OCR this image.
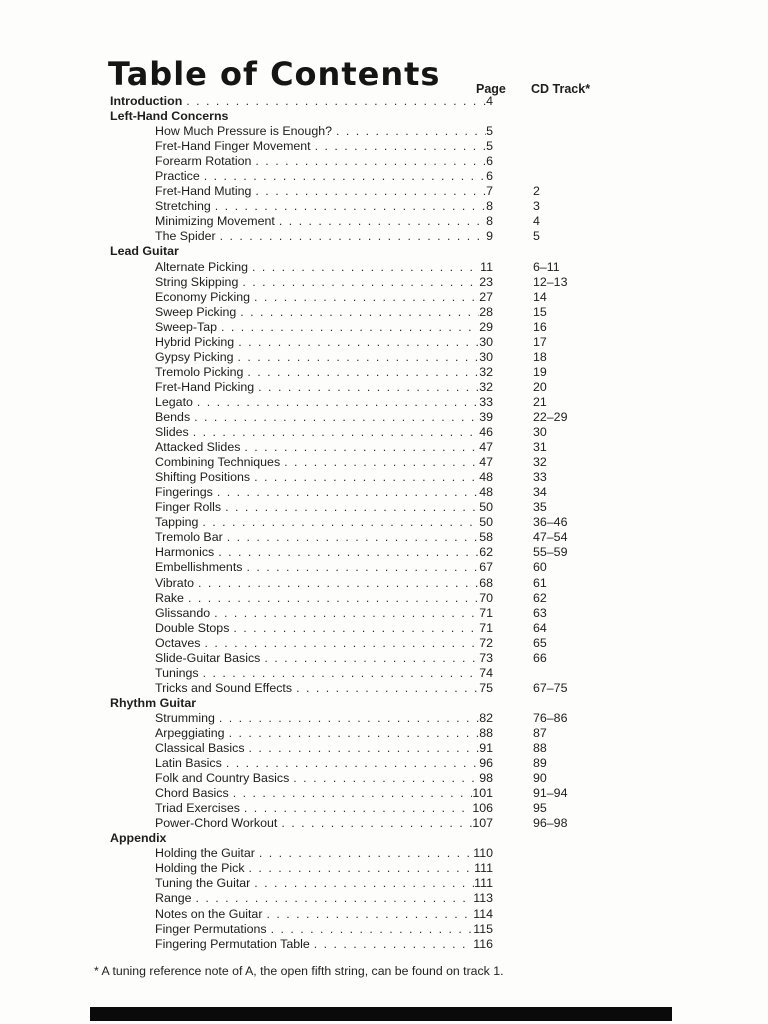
Table of Contents	Page CD Track*
Introduction . . .	4
Left-Hand Concerns
How Much Pressure is Enough? . . .	5
Fret-Hand Finger Movement . . .	5
Forearm Rotation . . .	6
Practice . . .	6
Fret-Hand Muting . . .	7	2
Stretching . . .	8	3
Minimizing Movement . . .	8	4
The Spider . . .	9	5
Lead Guitar
Alternate Picking . . .	11	6–11
String Skipping . . .	23	12–13
Economy Picking . . .	27	14
Sweep Picking . . .	28	15
Sweep-Tap . . .	29	16
Hybrid Picking . . .	30	17
Gypsy Picking . . .	30	18
Tremolo Picking . . .	32	19
Fret-Hand Picking . . .	32	20
Legato . . .	33	21
Bends . . .	39	22–29
Slides . . .	46	30
Attacked Slides . . .	47	31
Combining Techniques . . .	47	32
Shifting Positions . . .	48	33
Fingerings . . .	48	34
Finger Rolls . . .	50	35
Tapping . . .	50	36–46
Tremolo Bar . . .	58	47–54
Harmonics . . .	62	55–59
Embellishments . . .	67	60
Vibrato . . .	68	61
Rake . . .	70	62
Glissando . . .	71	63
Double Stops . . .	71	64
Octaves . . .	72	65
Slide-Guitar Basics . . .	73	66
Tunings . . .	74
Tricks and Sound Effects . . .	75	67–75
Rhythm Guitar
Strumming . . .	82	76–86
Arpeggiating . . .	88	87
Classical Basics . . .	91	88
Latin Basics . . .	96	89
Folk and Country Basics . . .	98	90
Chord Basics . . .	101	91–94
Triad Exercises . . .	106	95
Power-Chord Workout . . .	107	96–98
Appendix
Holding the Guitar . . .	110
Holding the Pick . . .	111
Tuning the Guitar . . .	111
Range . . .	113
Notes on the Guitar . . .	114
Finger Permutations . . .	115
Fingering Permutation Table . . .	116
* A tuning reference note of A, the open fifth string, can be found on track 1.
